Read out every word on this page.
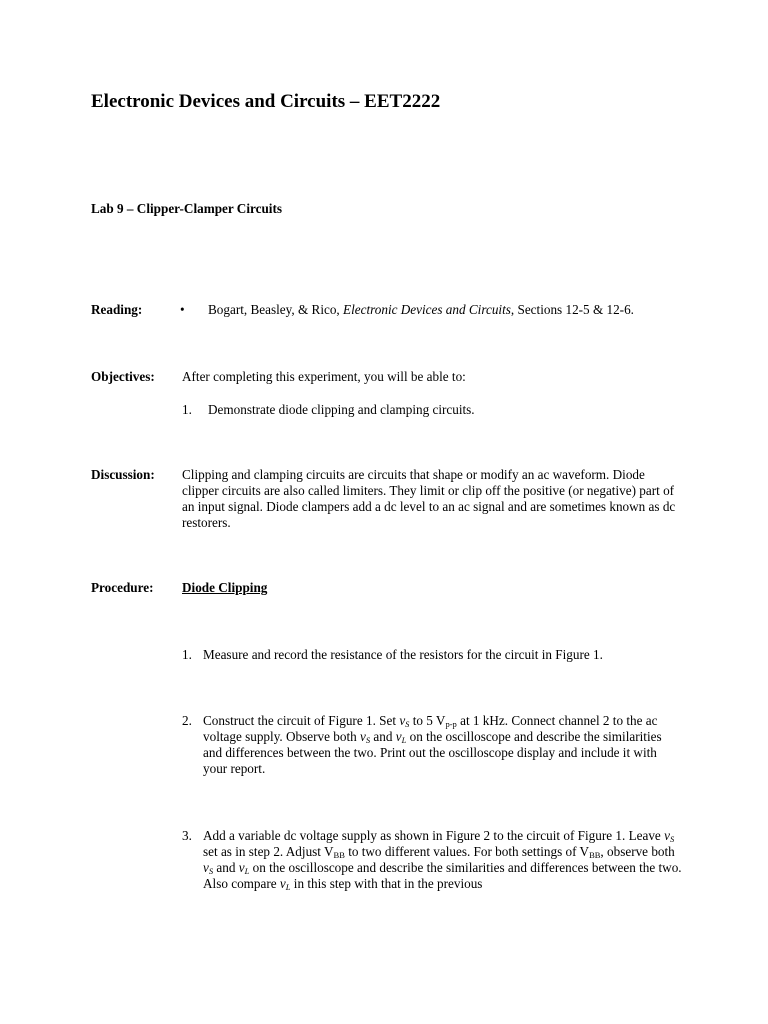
Electronic Devices and Circuits – EET2222
Lab 9 – Clipper-Clamper Circuits
Reading:	• Bogart, Beasley, & Rico, Electronic Devices and Circuits, Sections 12-5 & 12-6.
Objectives: After completing this experiment, you will be able to:
1. Demonstrate diode clipping and clamping circuits.
Discussion: Clipping and clamping circuits are circuits that shape or modify an ac waveform. Diode clipper circuits are also called limiters. They limit or clip off the positive (or negative) part of an input signal. Diode clampers add a dc level to an ac signal and are sometimes known as dc restorers.
Procedure: Diode Clipping
1. Measure and record the resistance of the resistors for the circuit in Figure 1.
2. Construct the circuit of Figure 1. Set $v_S$ to 5 $V_{p-p}$ at 1 kHz. Connect channel 2 to the ac voltage supply. Observe both $v_S$ and $v_L$ on the oscilloscope and describe the similarities and differences between the two. Print out the oscilloscope display and include it with your report.
3. Add a variable dc voltage supply as shown in Figure 2 to the circuit of Figure 1. Leave $v_S$ set as in step 2. Adjust $V_{BB}$ to two different values. For both settings of $V_{BB}$, observe both $v_S$ and $v_L$ on the oscilloscope and describe the similarities and differences between the two. Also compare $v_L$ in this step with that in the previous
